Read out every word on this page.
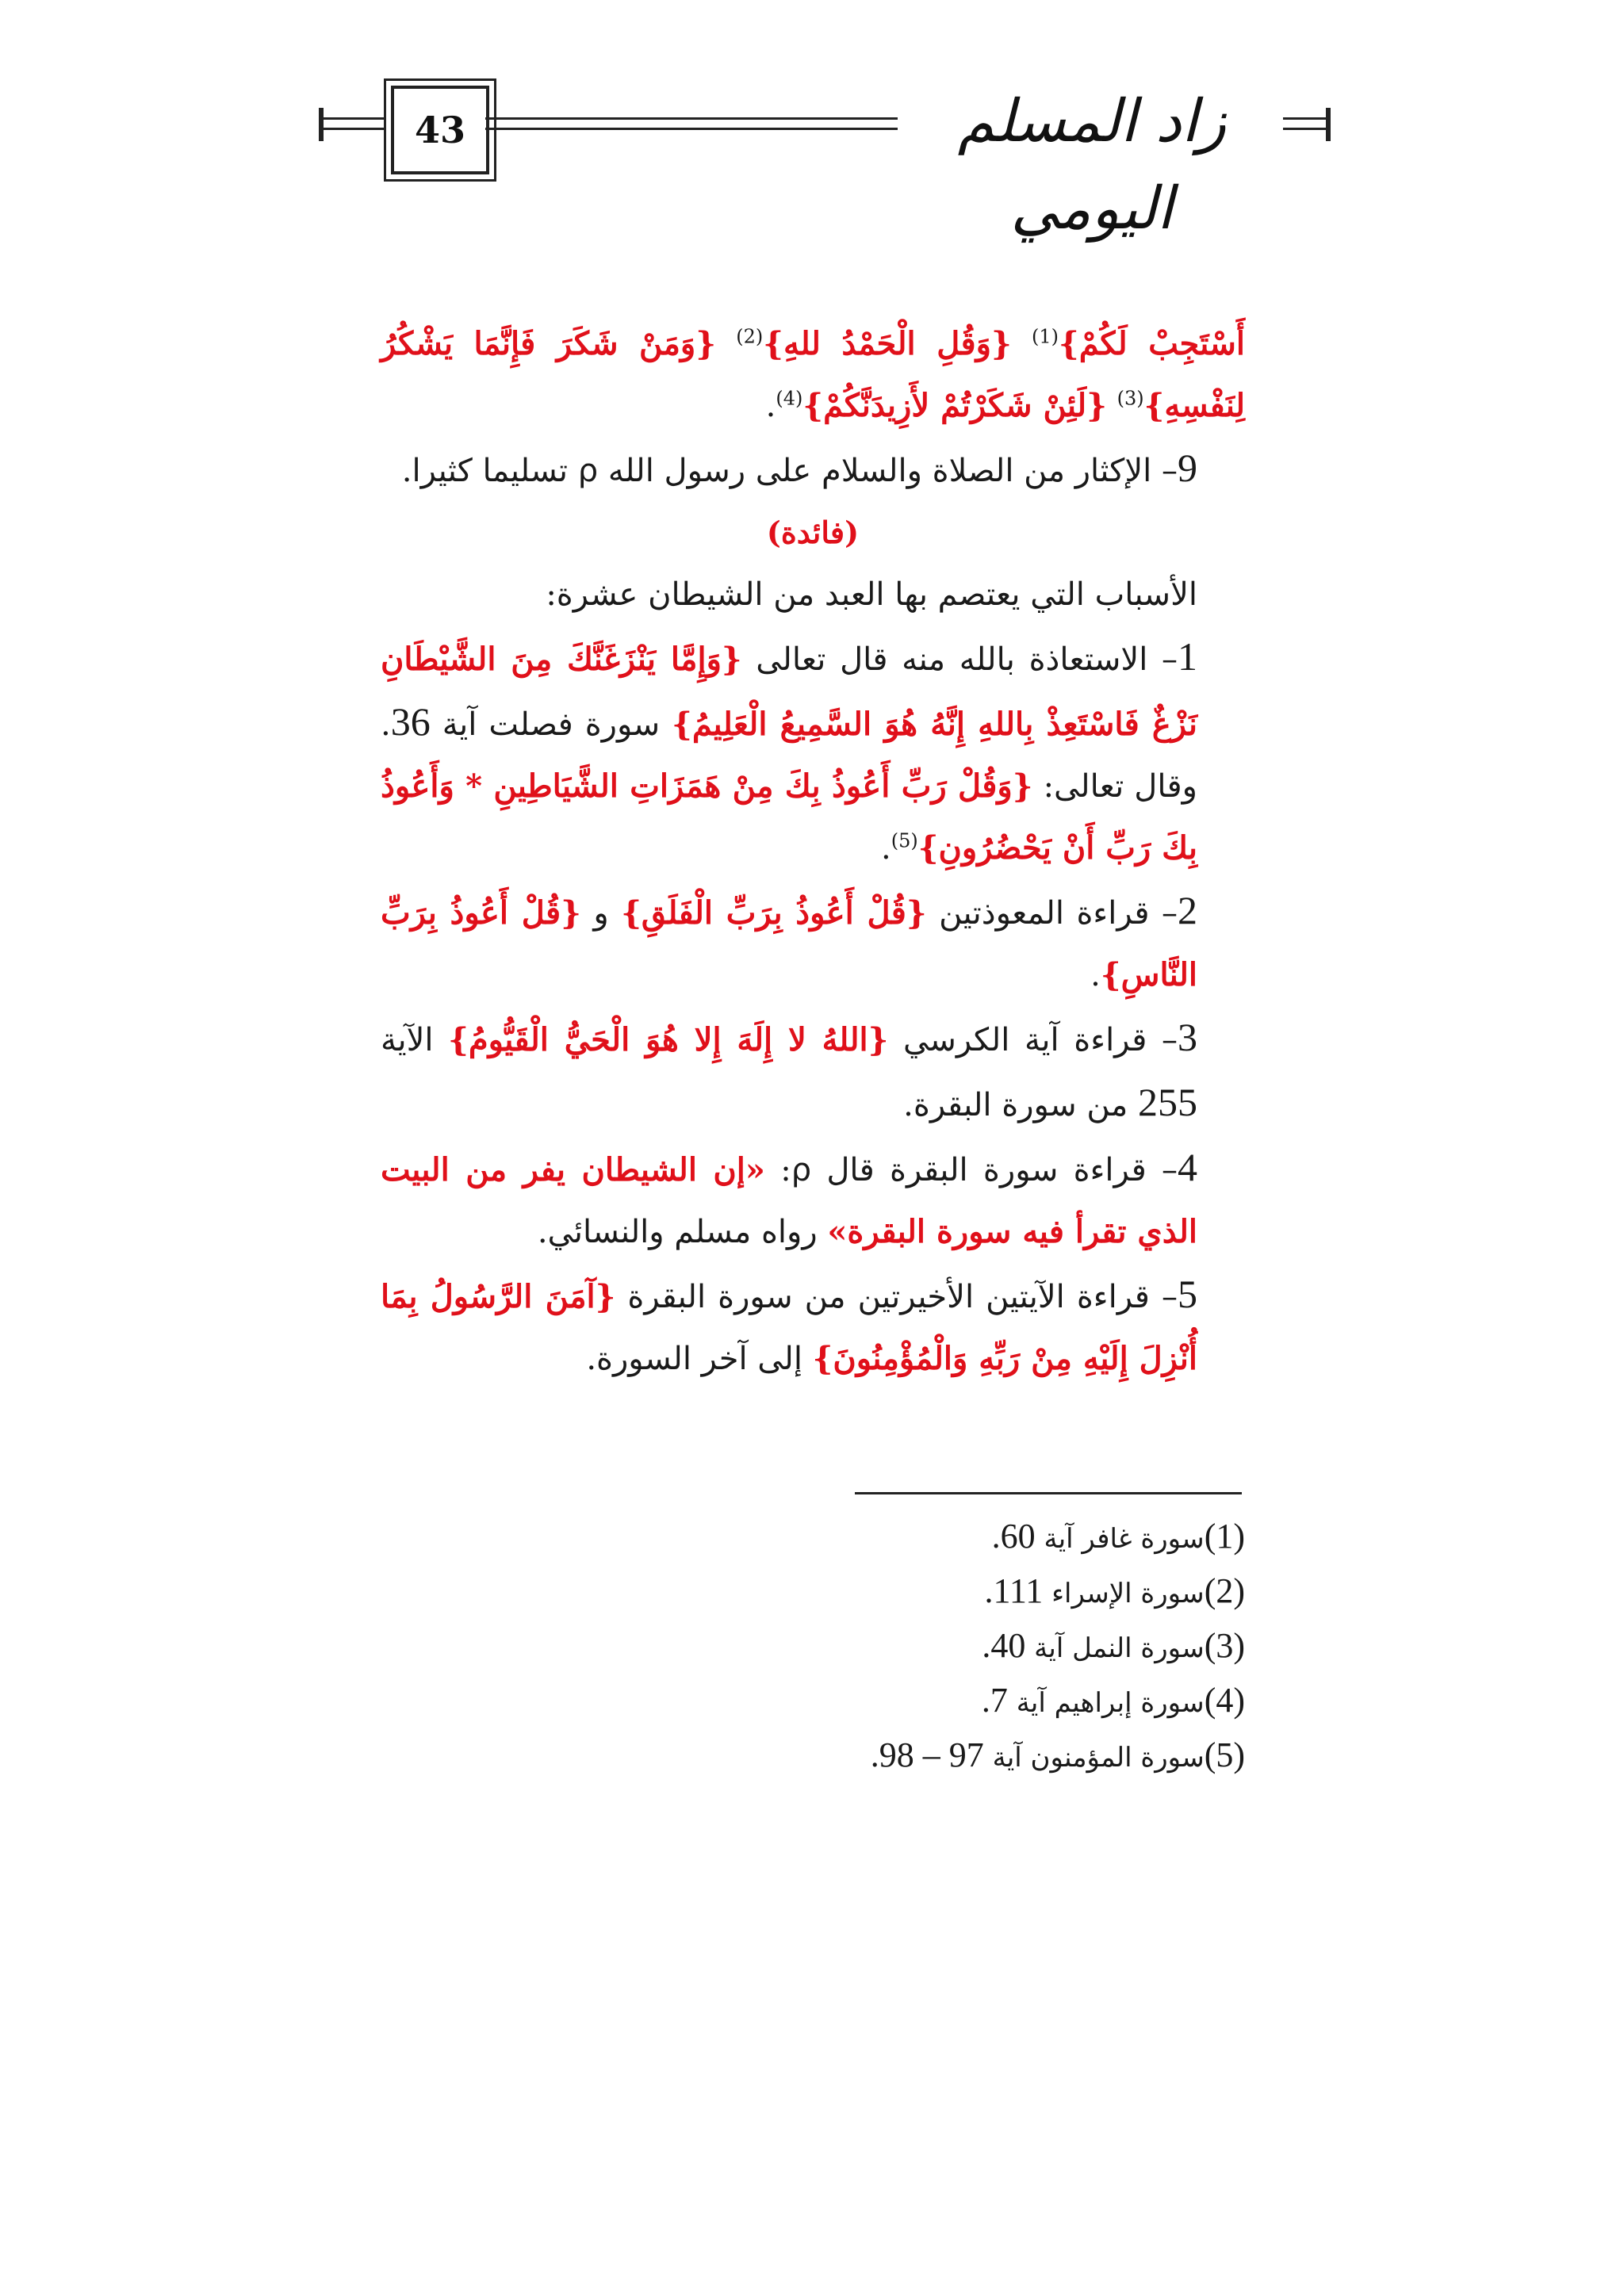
43	زاد المسلم اليومي

أَسْتَجِبْ لَكُمْ}$^{(1)}$ {وَقُلِ الْحَمْدُ للهِ}$^{(2)}$ {وَمَنْ شَكَرَ فَإِنَّمَا يَشْكُرُ لِنَفْسِهِ}$^{(3)}$ {لَئِنْ شَكَرْتُمْ لأَزِيدَنَّكُمْ}$^{(4)}$.

9– الإكثار من الصلاة والسلام على رسول الله ρ تسليما كثيرا.

(فائدة)

الأسباب التي يعتصم بها العبد من الشيطان عشرة:

1– الاستعاذة بالله منه قال تعالى {وَإِمَّا يَنْزَغَنَّكَ مِنَ الشَّيْطَانِ نَزْغٌ فَاسْتَعِذْ بِاللهِ إِنَّهُ هُوَ السَّمِيعُ الْعَلِيمُ} سورة فصلت آية 36. وقال تعالى: {وَقُلْ رَبِّ أَعُوذُ بِكَ مِنْ هَمَزَاتِ الشَّيَاطِينِ * وَأَعُوذُ بِكَ رَبِّ أَنْ يَحْضُرُونِ}$^{(5)}$.

2– قراءة المعوذتين {قُلْ أَعُوذُ بِرَبِّ الْفَلَقِ} و {قُلْ أَعُوذُ بِرَبِّ النَّاسِ}.

3– قراءة آية الكرسي {اللهُ لا إِلَهَ إِلا هُوَ الْحَيُّ الْقَيُّومُ} الآية 255 من سورة البقرة.

4– قراءة سورة البقرة قال ρ: «إن الشيطان يفر من البيت الذي تقرأ فيه سورة البقرة» رواه مسلم والنسائي.

5– قراءة الآيتين الأخيرتين من سورة البقرة {آمَنَ الرَّسُولُ بِمَا أُنْزِلَ إِلَيْهِ مِنْ رَبِّهِ وَالْمُؤْمِنُونَ} إلى آخر السورة.

(1)سورة غافر آية 60.
(2)سورة الإسراء 111.
(3)سورة النمل آية 40.
(4)سورة إبراهيم آية 7.
(5)سورة المؤمنون آية 97 – 98.
